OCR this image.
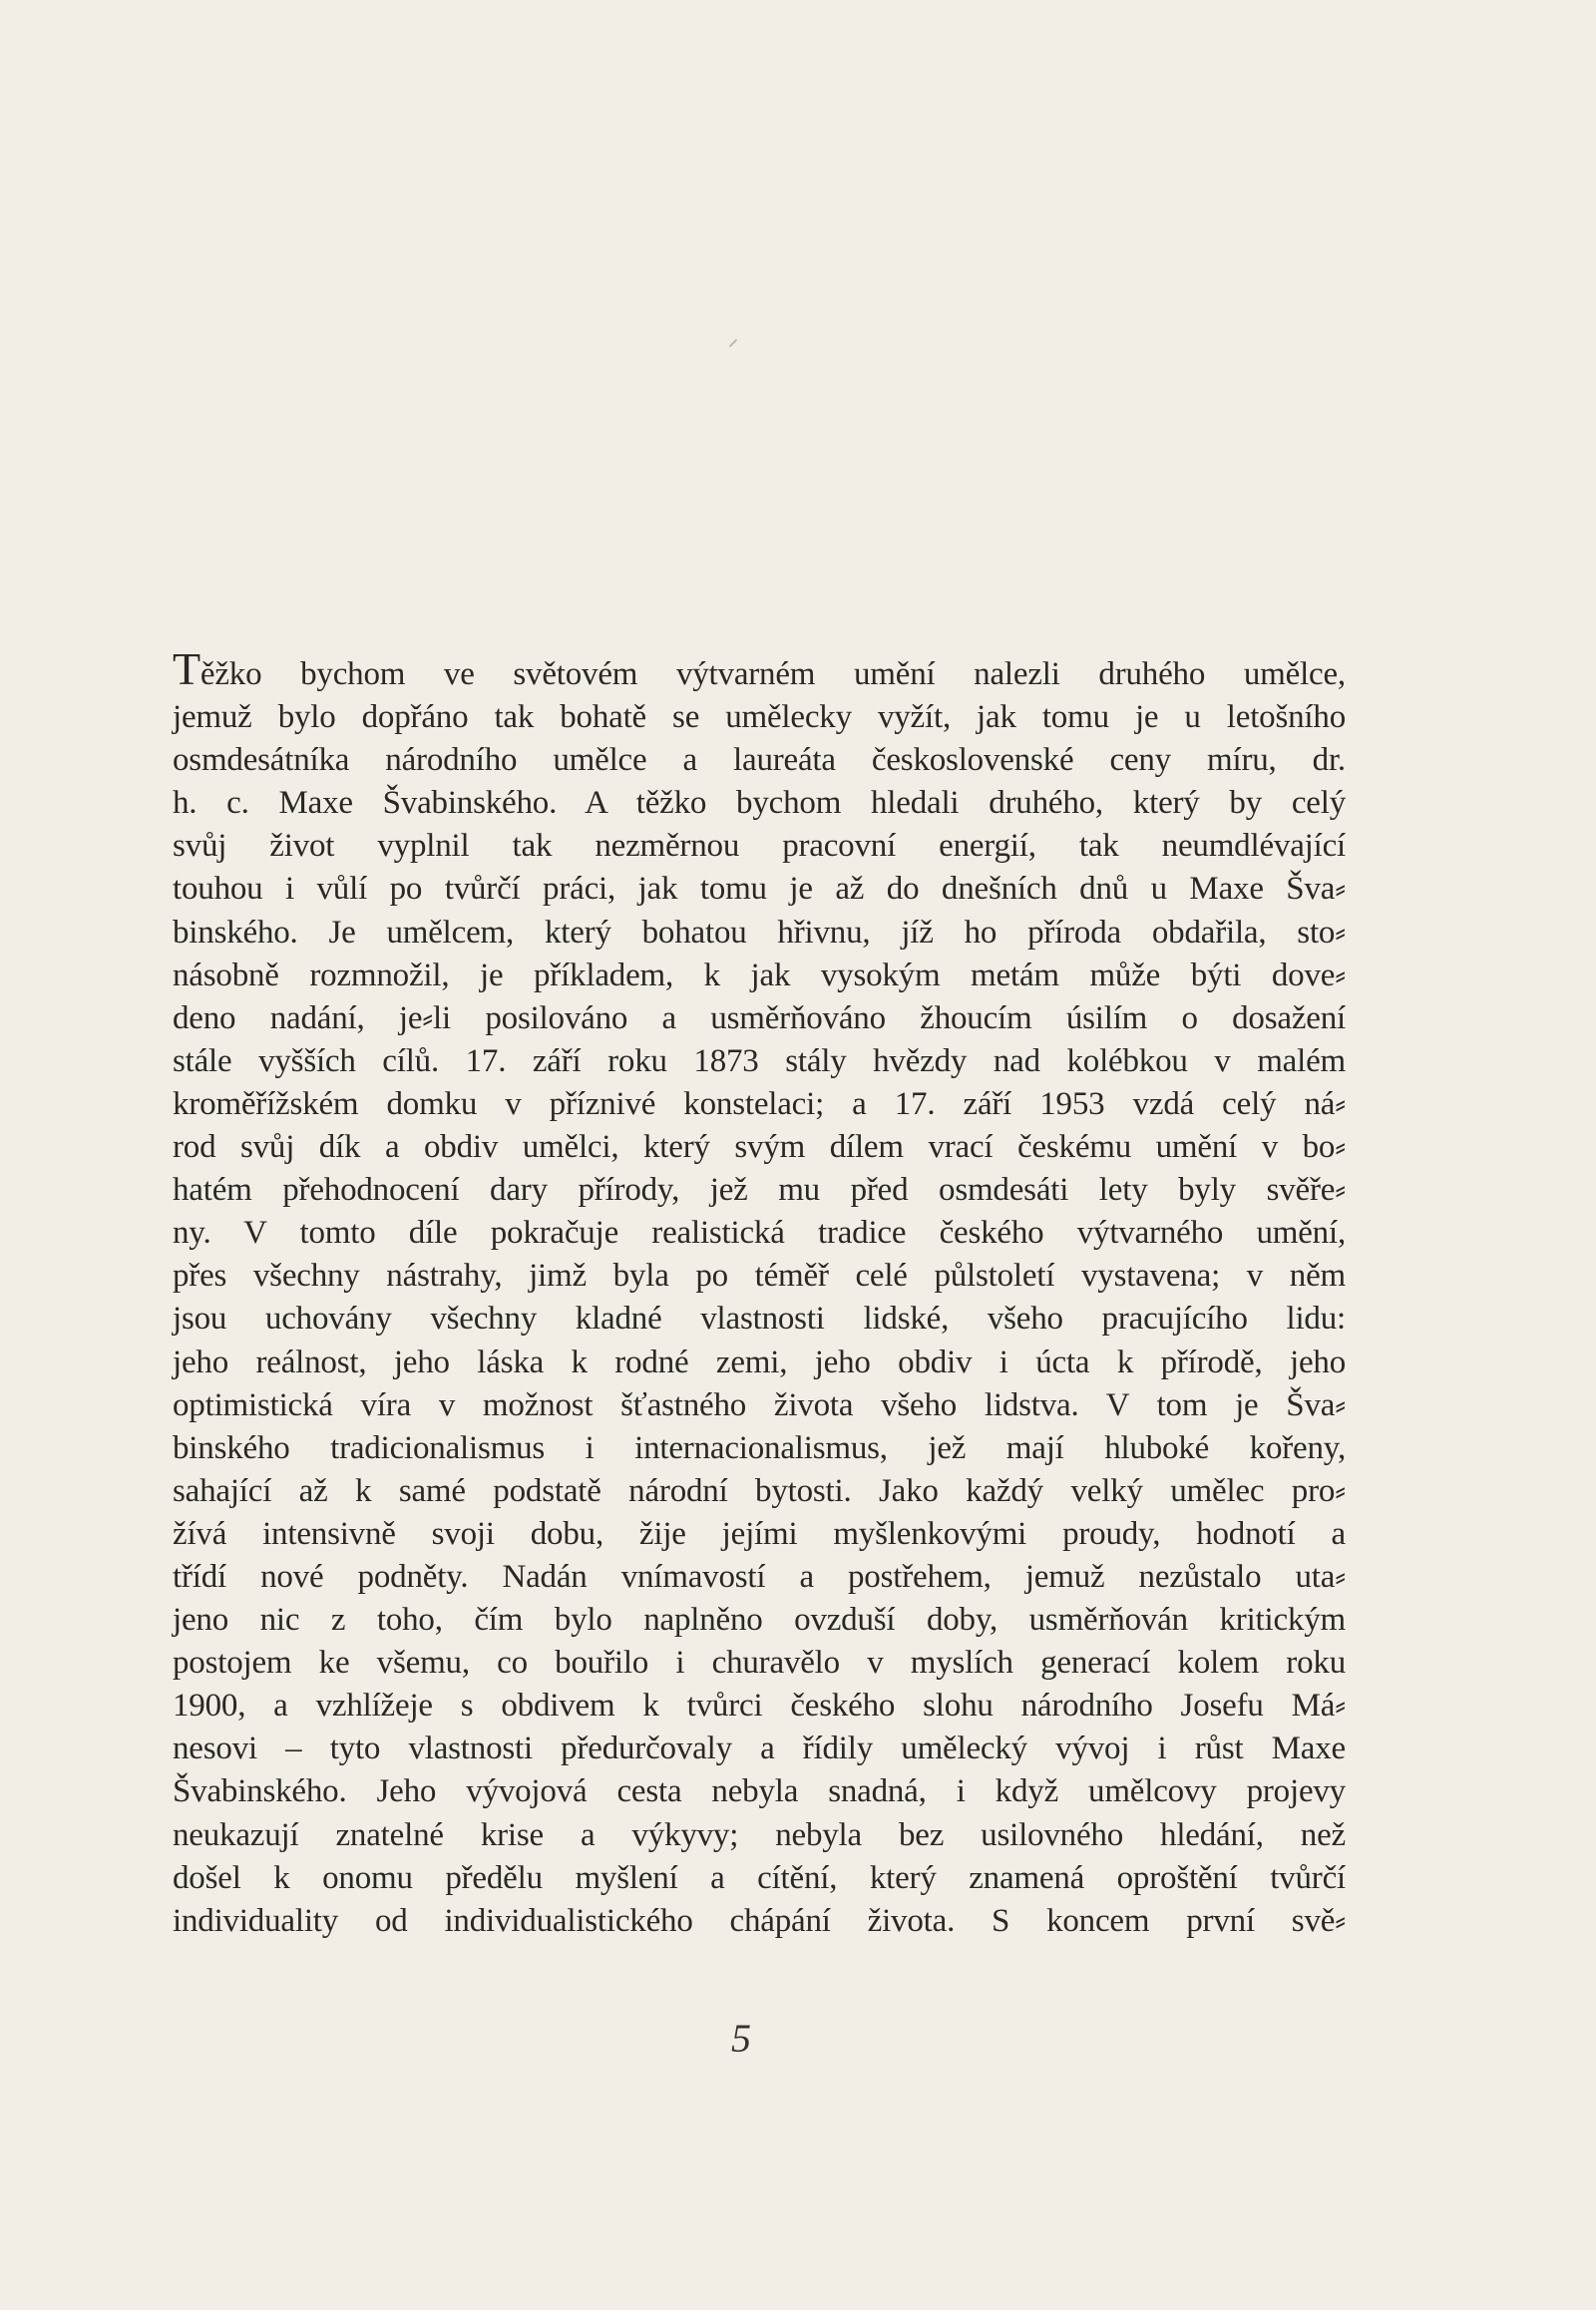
Těžko bychom ve světovém výtvarném umění nalezli druhého umělce,
jemuž bylo dopřáno tak bohatě se umělecky vyžít, jak tomu je u letošního
osmdesátníka národního umělce a laureáta československé ceny míru, dr.
h. c. Maxe Švabinského. A těžko bychom hledali druhého, který by celý
svůj život vyplnil tak nezměrnou pracovní energií, tak neumdlévající
touhou i vůlí po tvůrčí práci, jak tomu je až do dnešních dnů u Maxe Šva⸗
binského. Je umělcem, který bohatou hřivnu, jíž ho příroda obdařila, sto⸗
násobně rozmnožil, je příkladem, k jak vysokým metám může býti dove⸗
deno nadání, je⸗li posilováno a usměrňováno žhoucím úsilím o dosažení
stále vyšších cílů. 17. září roku 1873 stály hvězdy nad kolébkou v malém
kroměřížském domku v příznivé konstelaci; a 17. září 1953 vzdá celý ná⸗
rod svůj dík a obdiv umělci, který svým dílem vrací českému umění v bo⸗
hatém přehodnocení dary přírody, jež mu před osmdesáti lety byly svěře⸗
ny. V tomto díle pokračuje realistická tradice českého výtvarného umění,
přes všechny nástrahy, jimž byla po téměř celé půlstoletí vystavena; v něm
jsou uchovány všechny kladné vlastnosti lidské, všeho pracujícího lidu:
jeho reálnost, jeho láska k rodné zemi, jeho obdiv i úcta k přírodě, jeho
optimistická víra v možnost šťastného života všeho lidstva. V tom je Šva⸗
binského tradicionalismus i internacionalismus, jež mají hluboké kořeny,
sahající až k samé podstatě národní bytosti. Jako každý velký umělec pro⸗
žívá intensivně svoji dobu, žije jejími myšlenkovými proudy, hodnotí a
třídí nové podněty. Nadán vnímavostí a postřehem, jemuž nezůstalo uta⸗
jeno nic z toho, čím bylo naplněno ovzduší doby, usměrňován kritickým
postojem ke všemu, co bouřilo i churavělo v myslích generací kolem roku
1900, a vzhlížeje s obdivem k tvůrci českého slohu národního Josefu Má⸗
nesovi – tyto vlastnosti předurčovaly a řídily umělecký vývoj i růst Maxe
Švabinského. Jeho vývojová cesta nebyla snadná, i když umělcovy projevy
neukazují znatelné krise a výkyvy; nebyla bez usilovného hledání, než
došel k onomu předělu myšlení a cítění, který znamená oproštění tvůrčí
individuality od individualistického chápání života. S koncem první svě⸗
5
